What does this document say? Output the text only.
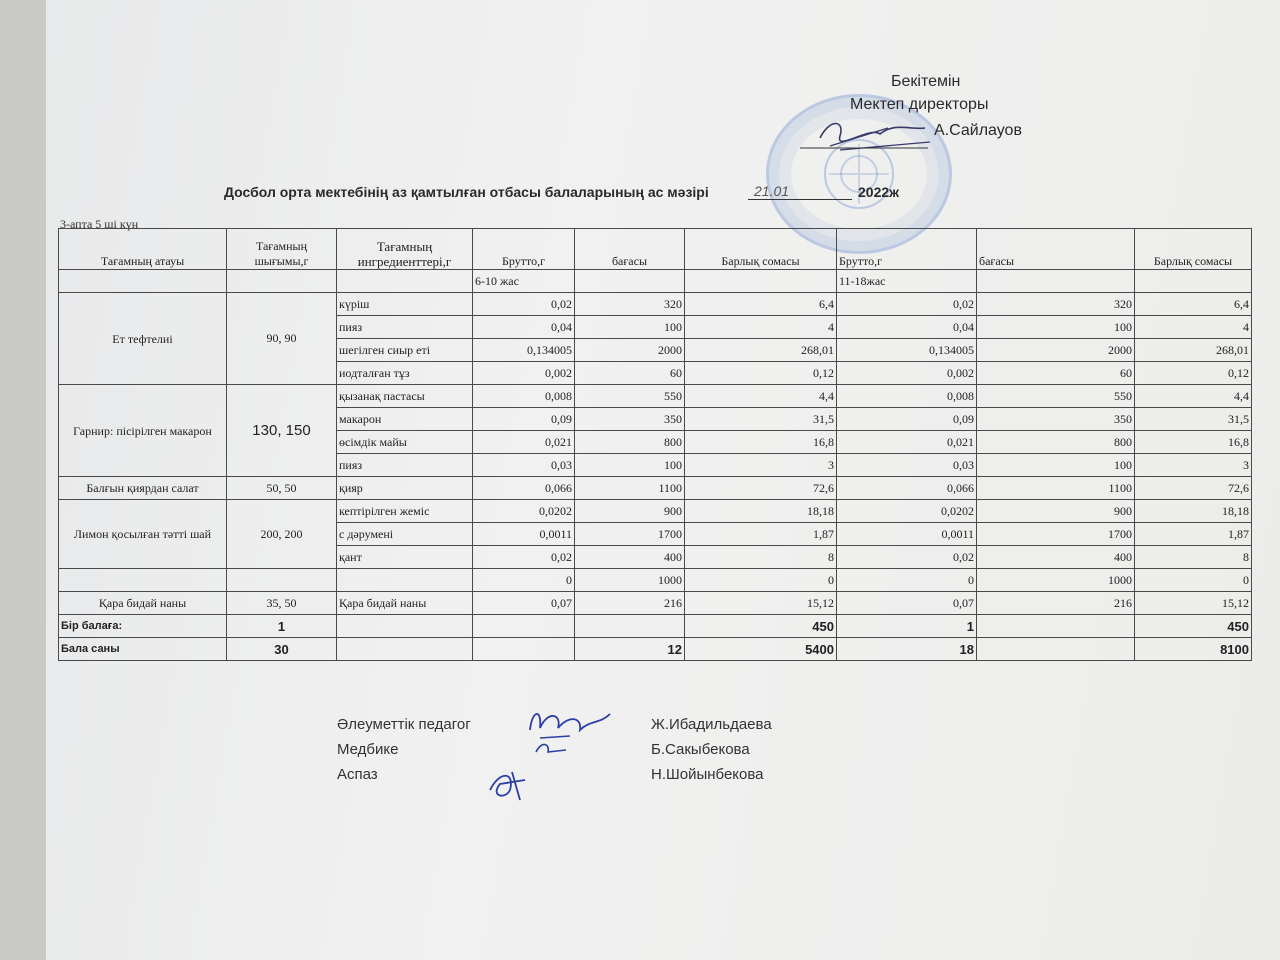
Бекітемін
Мектеп директоры
А.Сайлауов
Досбол орта мектебінің аз қамтылған отбасы балаларының ас мәзірі	21.01	2022ж
3-апта 5 ші күн
Тағамның атауы	Тағамның шығымы,г	Тағамның ингредиенттері,г	Брутто,г	бағасы	Барлық сомасы	Брутто,г	бағасы	Барлық сомасы
			6-10 жас			11-18жас		
Ет тефтелиі	90, 90	күріш	0,02	320	6,4	0,02	320	6,4
		пияз	0,04	100	4	0,04	100	4
		шегілген сиыр еті	0,134005	2000	268,01	0,134005	2000	268,01
		иодталған тұз	0,002	60	0,12	0,002	60	0,12
Гарнир: пісірілген макарон	130, 150	қызанақ пастасы	0,008	550	4,4	0,008	550	4,4
		макарон	0,09	350	31,5	0,09	350	31,5
		өсімдік майы	0,021	800	16,8	0,021	800	16,8
		пияз	0,03	100	3	0,03	100	3
Балғын қиярдан салат	50, 50	қияр	0,066	1100	72,6	0,066	1100	72,6
Лимон қосылған тәтті шай	200, 200	кептірілген жеміс	0,0202	900	18,18	0,0202	900	18,18
		с дәрумені	0,0011	1700	1,87	0,0011	1700	1,87
		қант	0,02	400	8	0,02	400	8
			0	1000	0	0	1000	0
Қара бидай наны	35, 50	Қара бидай наны	0,07	216	15,12	0,07	216	15,12
Бір балаға:	1				450	1		450
Бала саны	30			12	5400	18		8100
Әлеуметтік педагог
Медбике
Аспаз
Ж.Ибадильдаева
Б.Сакыбекова
Н.Шойынбекова
